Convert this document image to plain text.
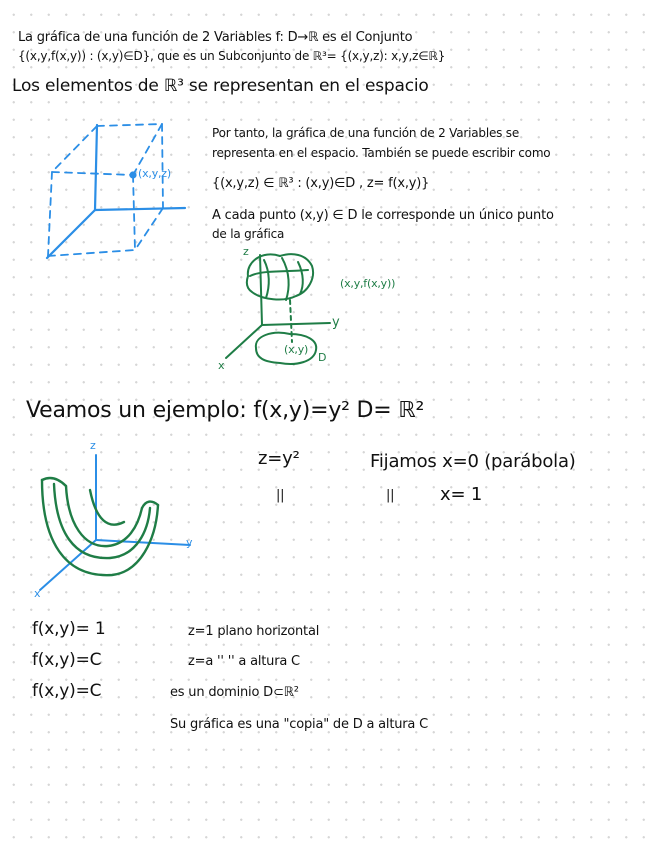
La gráfica de una función de 2 Variables f: D→ℝ es el Conjunto
{(x,y,f(x,y)) : (x,y)∈D}, que es un Subconjunto de ℝ³= {(x,y,z): x,y,z∈ℝ}
Los elementos de ℝ³ se representan en el espacio
(x,y,z)
Por tanto, la gráfica de una función de 2 Variables se
representa en el espacio. También se puede escribir como
{(x,y,z) ∈ ℝ³ : (x,y)∈D , z= f(x,y)}
A cada punto (x,y) ∈ D le corresponde un único punto
de la gráfica
z
y
x
(x,y,f(x,y))
(x,y)
D
Veamos un ejemplo: f(x,y)=y² D= ℝ²
z=y²	Fijamos x=0 (parábola)
||	||	x= 1
z
y
x
f(x,y)= 1	z=1 plano horizontal
f(x,y)=C	z=a '' '' a altura C
f(x,y)=C	es un dominio D⊂ℝ²
Su gráfica es una "copia" de D a altura C
